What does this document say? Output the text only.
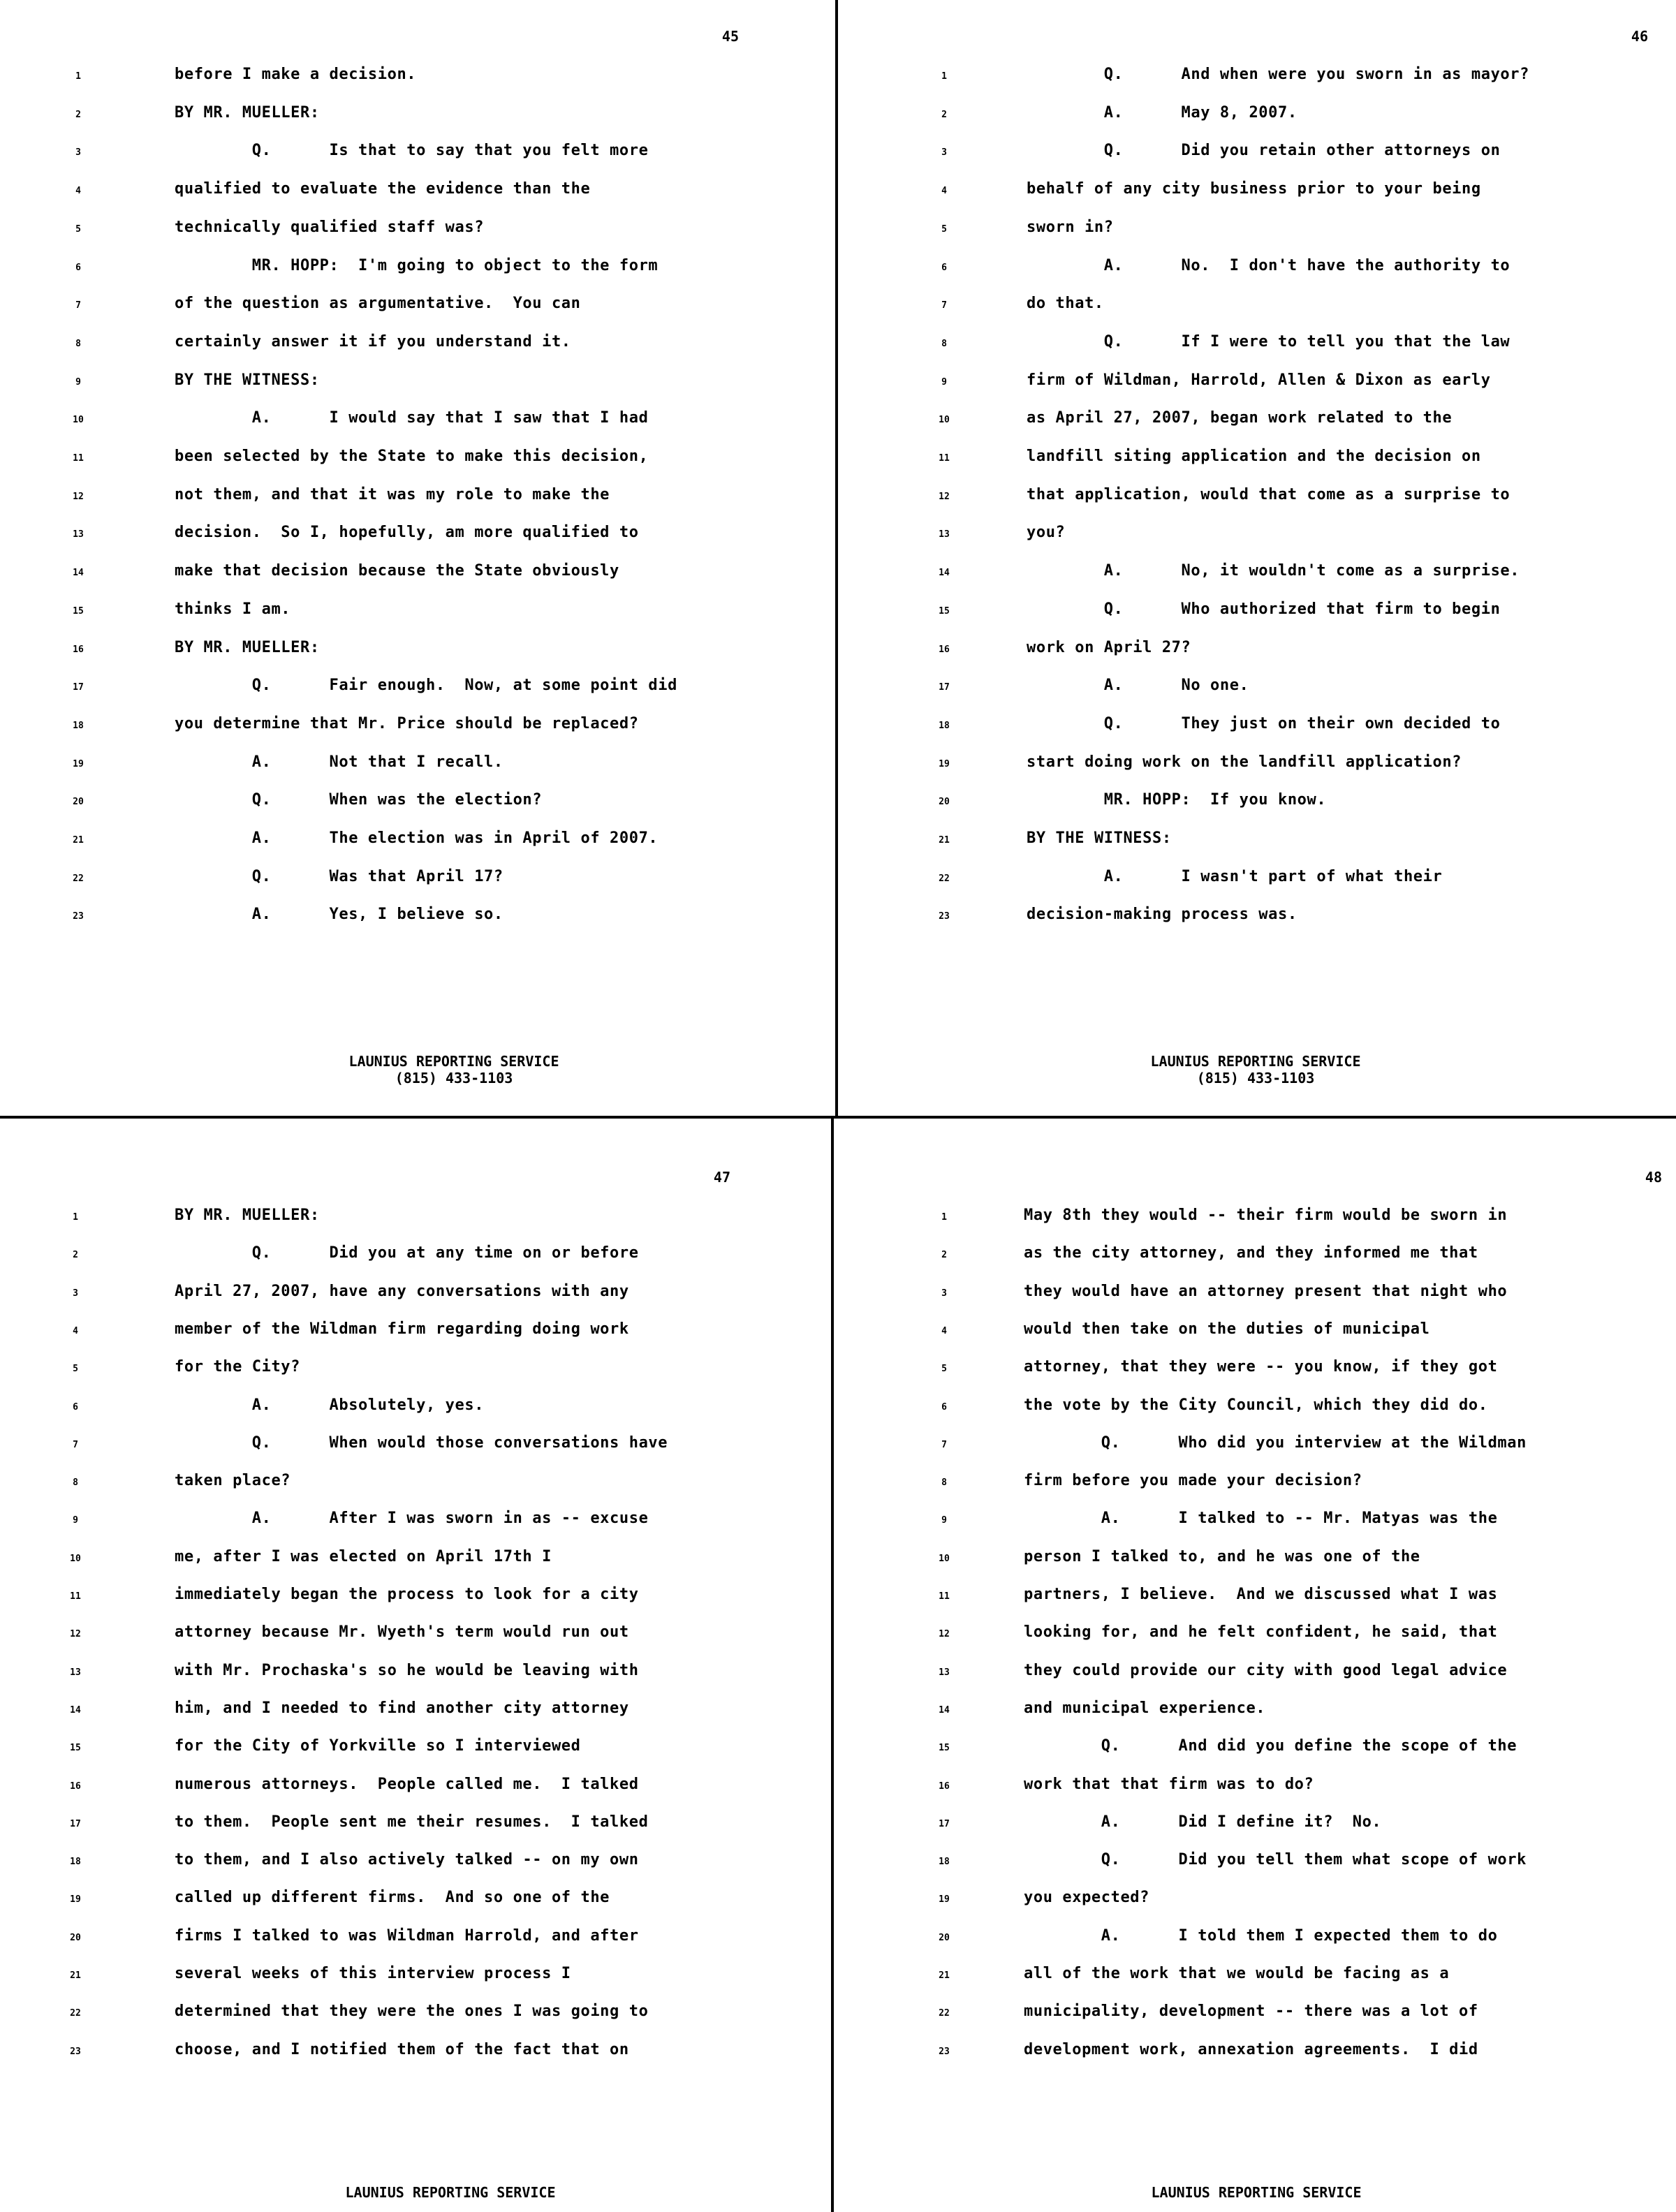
45
1	before I make a decision.
2	BY MR. MUELLER:
3	Q.      Is that to say that you felt more
4	qualified to evaluate the evidence than the
5	technically qualified staff was?
6	MR. HOPP:  I'm going to object to the form
7	of the question as argumentative.  You can
8	certainly answer it if you understand it.
9	BY THE WITNESS:
10	A.      I would say that I saw that I had
11	been selected by the State to make this decision,
12	not them, and that it was my role to make the
13	decision.  So I, hopefully, am more qualified to
14	make that decision because the State obviously
15	thinks I am.
16	BY MR. MUELLER:
17	Q.      Fair enough.  Now, at some point did
18	you determine that Mr. Price should be replaced?
19	A.      Not that I recall.
20	Q.      When was the election?
21	A.      The election was in April of 2007.
22	Q.      Was that April 17?
23	A.      Yes, I believe so.
LAUNIUS REPORTING SERVICE
(815) 433-1103
46
1	Q.      And when were you sworn in as mayor?
2	A.      May 8, 2007.
3	Q.      Did you retain other attorneys on
4	behalf of any city business prior to your being
5	sworn in?
6	A.      No.  I don't have the authority to
7	do that.
8	Q.      If I were to tell you that the law
9	firm of Wildman, Harrold, Allen & Dixon as early
10	as April 27, 2007, began work related to the
11	landfill siting application and the decision on
12	that application, would that come as a surprise to
13	you?
14	A.      No, it wouldn't come as a surprise.
15	Q.      Who authorized that firm to begin
16	work on April 27?
17	A.      No one.
18	Q.      They just on their own decided to
19	start doing work on the landfill application?
20	MR. HOPP:  If you know.
21	BY THE WITNESS:
22	A.      I wasn't part of what their
23	decision-making process was.
LAUNIUS REPORTING SERVICE
(815) 433-1103
47
1	BY MR. MUELLER:
2	Q.      Did you at any time on or before
3	April 27, 2007, have any conversations with any
4	member of the Wildman firm regarding doing work
5	for the City?
6	A.      Absolutely, yes.
7	Q.      When would those conversations have
8	taken place?
9	A.      After I was sworn in as -- excuse
10	me, after I was elected on April 17th I
11	immediately began the process to look for a city
12	attorney because Mr. Wyeth's term would run out
13	with Mr. Prochaska's so he would be leaving with
14	him, and I needed to find another city attorney
15	for the City of Yorkville so I interviewed
16	numerous attorneys.  People called me.  I talked
17	to them.  People sent me their resumes.  I talked
18	to them, and I also actively talked -- on my own
19	called up different firms.  And so one of the
20	firms I talked to was Wildman Harrold, and after
21	several weeks of this interview process I
22	determined that they were the ones I was going to
23	choose, and I notified them of the fact that on
LAUNIUS REPORTING SERVICE
48
1	May 8th they would -- their firm would be sworn in
2	as the city attorney, and they informed me that
3	they would have an attorney present that night who
4	would then take on the duties of municipal
5	attorney, that they were -- you know, if they got
6	the vote by the City Council, which they did do.
7	Q.      Who did you interview at the Wildman
8	firm before you made your decision?
9	A.      I talked to -- Mr. Matyas was the
10	person I talked to, and he was one of the
11	partners, I believe.  And we discussed what I was
12	looking for, and he felt confident, he said, that
13	they could provide our city with good legal advice
14	and municipal experience.
15	Q.      And did you define the scope of the
16	work that that firm was to do?
17	A.      Did I define it?  No.
18	Q.      Did you tell them what scope of work
19	you expected?
20	A.      I told them I expected them to do
21	all of the work that we would be facing as a
22	municipality, development -- there was a lot of
23	development work, annexation agreements.  I did
LAUNIUS REPORTING SERVICE
